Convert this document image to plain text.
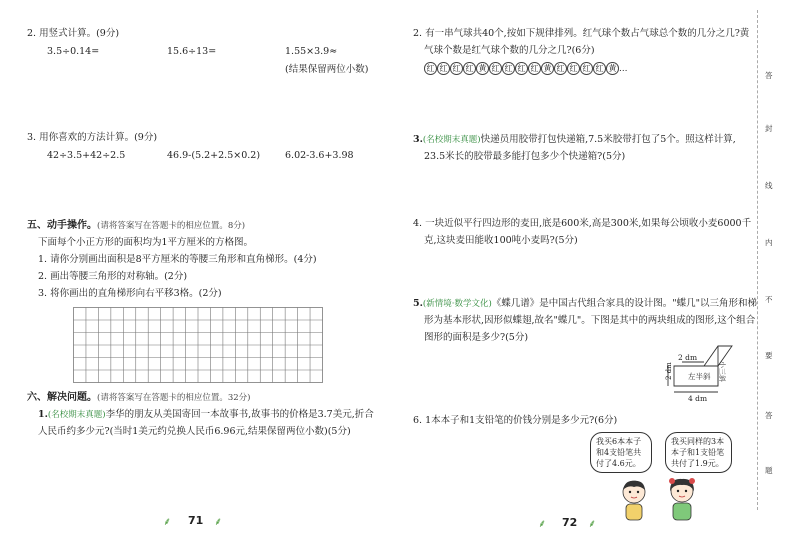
2. 用竖式计算。(9分)
3.5÷0.14=	15.6÷13=	1.55×3.9≈
(结果保留两位小数)
3. 用你喜欢的方法计算。(9分)
42÷3.5+42÷2.5	46.9-(5.2+2.5×0.2)	6.02-3.6+3.98
五、动手操作。(请将答案写在答题卡的相应位置。8分)
下面每个小正方形的面积均为1平方厘米的方格图。
1. 请你分别画出面积是8平方厘米的等腰三角形和直角梯形。(4分)
2. 画出等腰三角形的对称轴。(2分)
3. 将你画出的直角梯形向右平移3格。(2分)
六、解决问题。(请将答案写在答题卡的相应位置。32分)
1.(名校期末真题)李华的朋友从美国寄回一本故事书,故事书的价格是3.7美元,折合
人民币约多少元?(当时1美元约兑换人民币6.96元,结果保留两位小数)(5分)
⸙ 71 ⸙
2. 有一串气球共40个,按如下规律排列。红气球个数占气球总个数的几分之几?黄
气球个数是红气球个数的几分之几?(6分)
红 红 红 红 黄 红 红 红 红 黄 红 红 红 红 黄 …
3.(名校期末真题)快递员用胶带打包快递箱,7.5米胶带打包了5个。照这样计算,
23.5米长的胶带最多能打包多少个快递箱?(5分)
4. 一块近似平行四边形的麦田,底是600米,高是300米,如果每公顷收小麦6000千
克,这块麦田能收100吨小麦吗?(5分)
5.(新情境·数学文化)《蝶几谱》是中国古代组合家具的设计图。"蝶几"以三角形和梯
形为基本形状,因形似蝶翅,故名"蝶几"。下图是其中的两块组成的图形,这个组合
图形的面积是多少?(5分)
2 dm
2 dm 左半斜 小三斜
4 dm
6. 1本本子和1支铅笔的价钱分别是多少元?(6分)
我买6本本子
和4支铅笔共
付了4.6元。
我买同样的3本
本子和1支铅笔
共付了1.9元。
⸙ 72 ⸙
答
封
线
内
不
要
答
题
